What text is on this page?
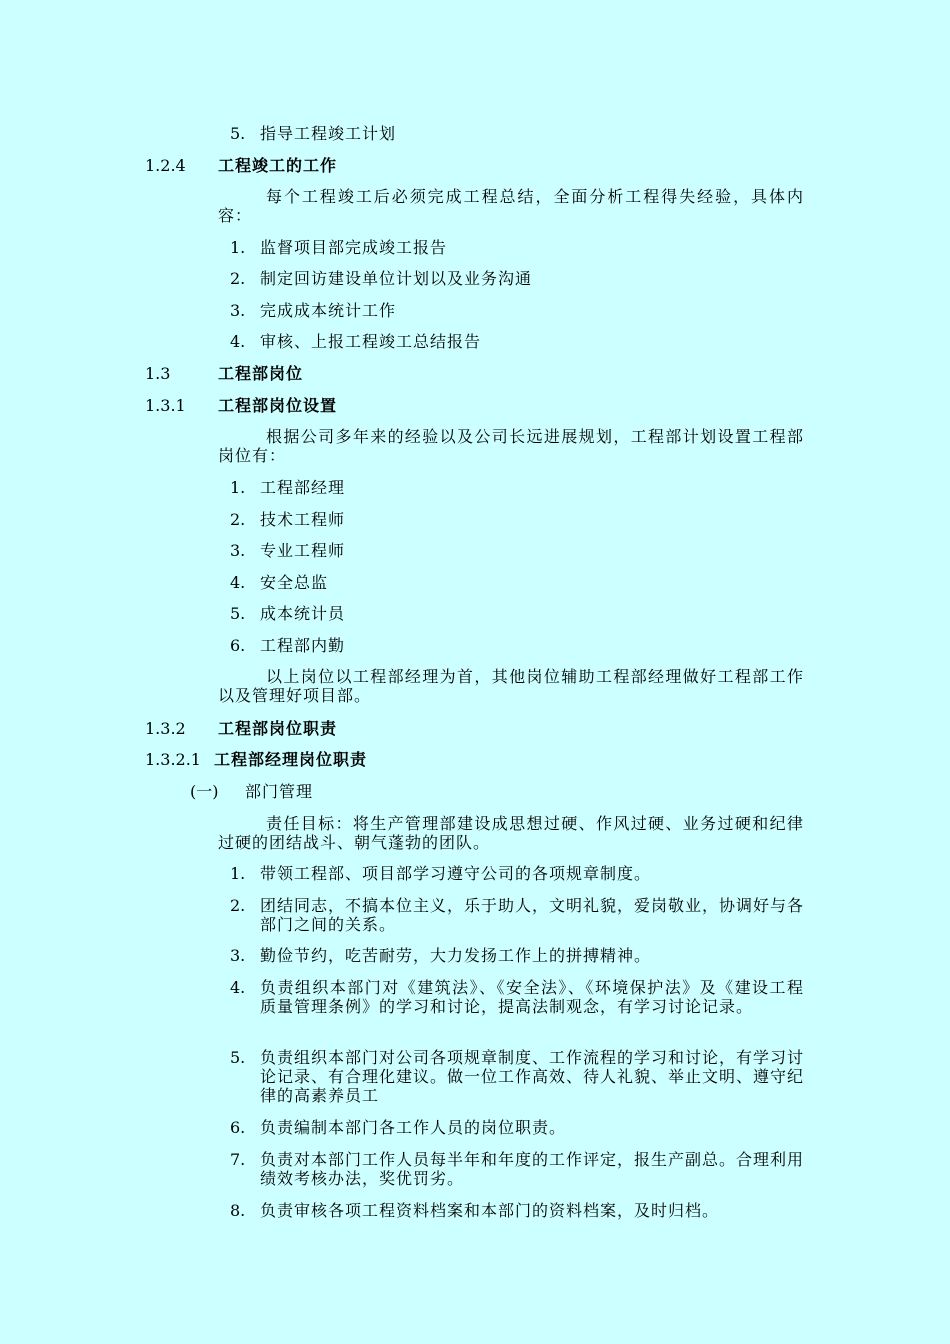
5. 指导工程竣工计划
1.2.4 工程竣工的工作
每个工程竣工后必须完成工程总结，全面分析工程得失经验，具体内容：
1. 监督项目部完成竣工报告
2. 制定回访建设单位计划以及业务沟通
3. 完成成本统计工作
4. 审核、上报工程竣工总结报告
1.3	工程部岗位
1.3.1 工程部岗位设置
根据公司多年来的经验以及公司长远进展规划，工程部计划设置工程部岗位有：
1. 工程部经理
2. 技术工程师
3. 专业工程师
4. 安全总监
5. 成本统计员
6. 工程部内勤
以上岗位以工程部经理为首，其他岗位辅助工程部经理做好工程部工作以及管理好项目部。
1.3.2 工程部岗位职责
1.3.2.1 工程部经理岗位职责
(一) 部门管理
责任目标：将生产管理部建设成思想过硬、作风过硬、业务过硬和纪律过硬的团结战斗、朝气蓬勃的团队。
1. 带领工程部、项目部学习遵守公司的各项规章制度。
2. 团结同志，不搞本位主义，乐于助人，文明礼貌，爱岗敬业，协调好与各部门之间的关系。
3. 勤俭节约，吃苦耐劳，大力发扬工作上的拼搏精神。
4. 负责组织本部门对《建筑法》、《安全法》、《环境保护法》及《建设工程质量管理条例》的学习和讨论，提高法制观念，有学习讨论记录。
5. 负责组织本部门对公司各项规章制度、工作流程的学习和讨论，有学习讨论记录、有合理化建议。做一位工作高效、待人礼貌、举止文明、遵守纪律的高素养员工
6. 负责编制本部门各工作人员的岗位职责。
7. 负责对本部门工作人员每半年和年度的工作评定，报生产副总。合理利用绩效考核办法，奖优罚劣。
8. 负责审核各项工程资料档案和本部门的资料档案，及时归档。
